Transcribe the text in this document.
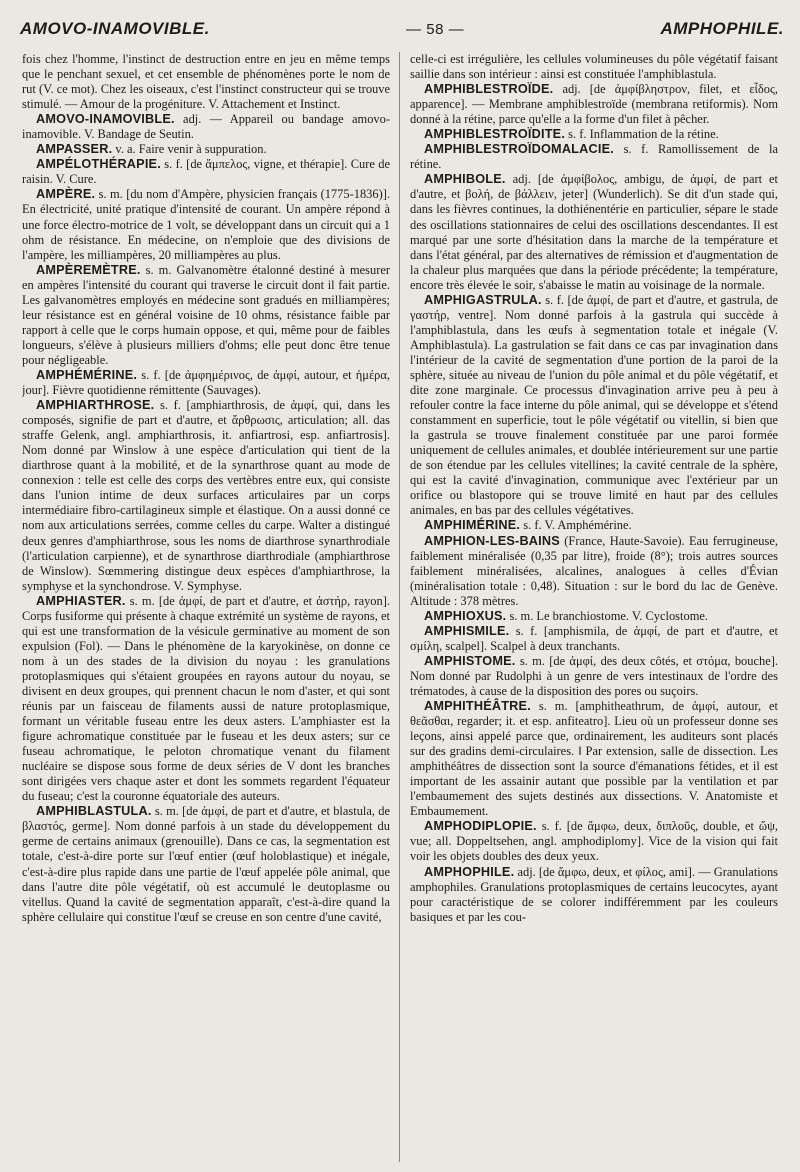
AMOVO-INAMOVIBLE.	— 58 —	AMPHOPHILE.

fois chez l'homme, l'instinct de destruction entre en jeu en même temps que le penchant sexuel, et cet ensemble de phénomènes porte le nom de rut (V. ce mot). Chez les oiseaux, c'est l'instinct constructeur qui se trouve stimulé. — Amour de la progéniture. V. Attachement et Instinct.

AMOVO-INAMOVIBLE. adj. — Appareil ou bandage amovo-inamovible. V. Bandage de Seutin.

AMPASSER. v. a. Faire venir à suppuration.

AMPÉLOTHÉRAPIE. s. f. [de ἄμπελος, vigne, et thérapie]. Cure de raisin. V. Cure.

AMPÈRE. s. m. [du nom d'Ampère, physicien français (1775-1836)]. En électricité, unité pratique d'intensité de courant. Un ampère répond à une force électro-motrice de 1 volt, se développant dans un circuit qui a 1 ohm de résistance. En médecine, on n'emploie que des divisions de l'ampère, les milliampères, 20 milliampères au plus.

AMPÈREMÈTRE. s. m. Galvanomètre étalonné destiné à mesurer en ampères l'intensité du courant qui traverse le circuit dont il fait partie. Les galvanomètres employés en médecine sont gradués en milliampères; leur résistance est en général voisine de 10 ohms, résistance faible par rapport à celle que le corps humain oppose, et qui, même pour de faibles longueurs, s'élève à plusieurs milliers d'ohms; elle peut donc être tenue pour négligeable.

AMPHÉMÉRINE. s. f. [de ἀμφημέρινος, de ἀμφί, autour, et ἡμέρα, jour]. Fièvre quotidienne rémittente (Sauvages).

AMPHIARTHROSE. s. f. [amphiarthrosis, de ἀμφί, qui, dans les composés, signifie de part et d'autre, et ἄρθρωσις, articulation; all. das straffe Gelenk, angl. amphiarthrosis, it. anfiartrosi, esp. anfiartrosis]. Nom donné par Winslow à une espèce d'articulation qui tient de la diarthrose quant à la mobilité, et de la synarthrose quant au mode de connexion : telle est celle des corps des vertèbres entre eux, qui consiste dans l'union intime de deux surfaces articulaires par un corps intermédiaire fibro-cartilagineux simple et élastique. On a aussi donné ce nom aux articulations serrées, comme celles du carpe. Walter a distingué deux genres d'amphiarthrose, sous les noms de diarthrose synarthrodiale (l'articulation carpienne), et de synarthrose diarthrodiale (amphiarthrose de Winslow). Sœmmering distingue deux espèces d'amphiarthrose, la symphyse et la synchondrose. V. Symphyse.

AMPHIASTER. s. m. [de ἀμφί, de part et d'autre, et ἀστήρ, rayon]. Corps fusiforme qui présente à chaque extrémité un système de rayons, et qui est une transformation de la vésicule germinative au moment de son expulsion (Fol). — Dans le phénomène de la karyokinèse, on donne ce nom à un des stades de la division du noyau : les granulations protoplasmiques qui s'étaient groupées en rayons autour du noyau, se divisent en deux groupes, qui prennent chacun le nom d'aster, et qui sont réunis par un faisceau de filaments aussi de nature protoplasmique, formant un véritable fuseau entre les deux asters. L'amphiaster est la figure achromatique constituée par le fuseau et les deux asters; sur ce fuseau achromatique, le peloton chromatique venant du filament nucléaire se dispose sous forme de deux séries de V dont les branches sont dirigées vers chaque aster et dont les sommets regardent l'équateur du fuseau; c'est la couronne équatoriale des auteurs.

AMPHIBLASTULA. s. m. [de ἀμφί, de part et d'autre, et blastula, de βλαστός, germe]. Nom donné parfois à un stade du développement du germe de certains animaux (grenouille). Dans ce cas, la segmentation est totale, c'est-à-dire porte sur l'œuf entier (œuf holoblastique) et inégale, c'est-à-dire plus rapide dans une partie de l'œuf appelée pôle animal, que dans l'autre dite pôle végétatif, où est accumulé le deutoplasme ou vitellus. Quand la cavité de segmentation apparaît, c'est-à-dire quand la sphère cellulaire qui constitue l'œuf se creuse en son centre d'une cavité,

celle-ci est irrégulière, les cellules volumineuses du pôle végétatif faisant saillie dans son intérieur : ainsi est constituée l'amphiblastula.

AMPHIBLESTROÏDE. adj. [de ἀμφίβληστρον, filet, et εἶδος, apparence]. — Membrane amphiblestroïde (membrana retiformis). Nom donné à la rétine, parce qu'elle a la forme d'un filet à pêcher.

AMPHIBLESTROÏDITE. s. f. Inflammation de la rétine.

AMPHIBLESTROÏDOMALACIE. s. f. Ramollissement de la rétine.

AMPHIBOLE. adj. [de ἀμφίβολος, ambigu, de ἀμφί, de part et d'autre, et βολή, de βάλλειν, jeter] (Wunderlich). Se dit d'un stade qui, dans les fièvres continues, la dothiénentérie en particulier, sépare le stade des oscillations stationnaires de celui des oscillations descendantes. Il est marqué par une sorte d'hésitation dans la marche de la température et dans l'état général, par des alternatives de rémission et d'augmentation de la chaleur plus marquées que dans la période précédente; la température, encore très élevée le soir, s'abaisse le matin au voisinage de la normale.

AMPHIGASTRULA. s. f. [de ἀμφί, de part et d'autre, et gastrula, de γαστήρ, ventre]. Nom donné parfois à la gastrula qui succède à l'amphiblastula, dans les œufs à segmentation totale et inégale (V. Amphiblastula). La gastrulation se fait dans ce cas par invagination dans l'intérieur de la cavité de segmentation d'une portion de la paroi de la sphère, située au niveau de l'union du pôle animal et du pôle végétatif, et dite zone marginale. Ce processus d'invagination arrive peu à peu à refouler contre la face interne du pôle animal, qui se développe et s'étend constamment en superficie, tout le pôle végétatif ou vitellin, si bien que la gastrula se trouve finalement constituée par une paroi formée uniquement de cellules animales, et doublée intérieurement sur une partie de son étendue par les cellules vitellines; la cavité centrale de la sphère, qui est la cavité d'invagination, communique avec l'extérieur par un orifice ou blastopore qui se trouve limité en haut par des cellules animales, en bas par des cellules végétatives.

AMPHIMÉRINE. s. f. V. Amphémérine.

AMPHION-LES-BAINS (France, Haute-Savoie). Eau ferrugineuse, faiblement minéralisée (0,35 par litre), froide (8°); trois autres sources faiblement minéralisées, alcalines, analogues à celles d'Évian (minéralisation totale : 0,48). Situation : sur le bord du lac de Genève. Altitude : 378 mètres.

AMPHIOXUS. s. m. Le branchiostome. V. Cyclostome.

AMPHISMILE. s. f. [amphismila, de ἀμφί, de part et d'autre, et σμίλη, scalpel]. Scalpel à deux tranchants.

AMPHISTOME. s. m. [de ἀμφί, des deux côtés, et στόμα, bouche]. Nom donné par Rudolphi à un genre de vers intestinaux de l'ordre des trématodes, à cause de la disposition des pores ou suçoirs.

AMPHITHÉÂTRE. s. m. [amphitheathrum, de ἀμφί, autour, et θεᾶσθαι, regarder; it. et esp. anfiteatro]. Lieu où un professeur donne ses leçons, ainsi appelé parce que, ordinairement, les auditeurs sont placés sur des gradins demi-circulaires. ‖ Par extension, salle de dissection. Les amphithéâtres de dissection sont la source d'émanations fétides, et il est important de les assainir autant que possible par la ventilation et par l'embaumement des sujets destinés aux dissections. V. Anatomiste et Embaumement.

AMPHODIPLOPIE. s. f. [de ἄμφω, deux, διπλοῦς, double, et ὤψ, vue; all. Doppeltsehen, angl. amphodiplomy]. Vice de la vision qui fait voir les objets doubles des deux yeux.

AMPHOPHILE. adj. [de ἄμφω, deux, et φίλος, ami]. — Granulations amphophiles. Granulations protoplasmiques de certains leucocytes, ayant pour caractéristique de se colorer indifféremment par les couleurs basiques et par les cou-
